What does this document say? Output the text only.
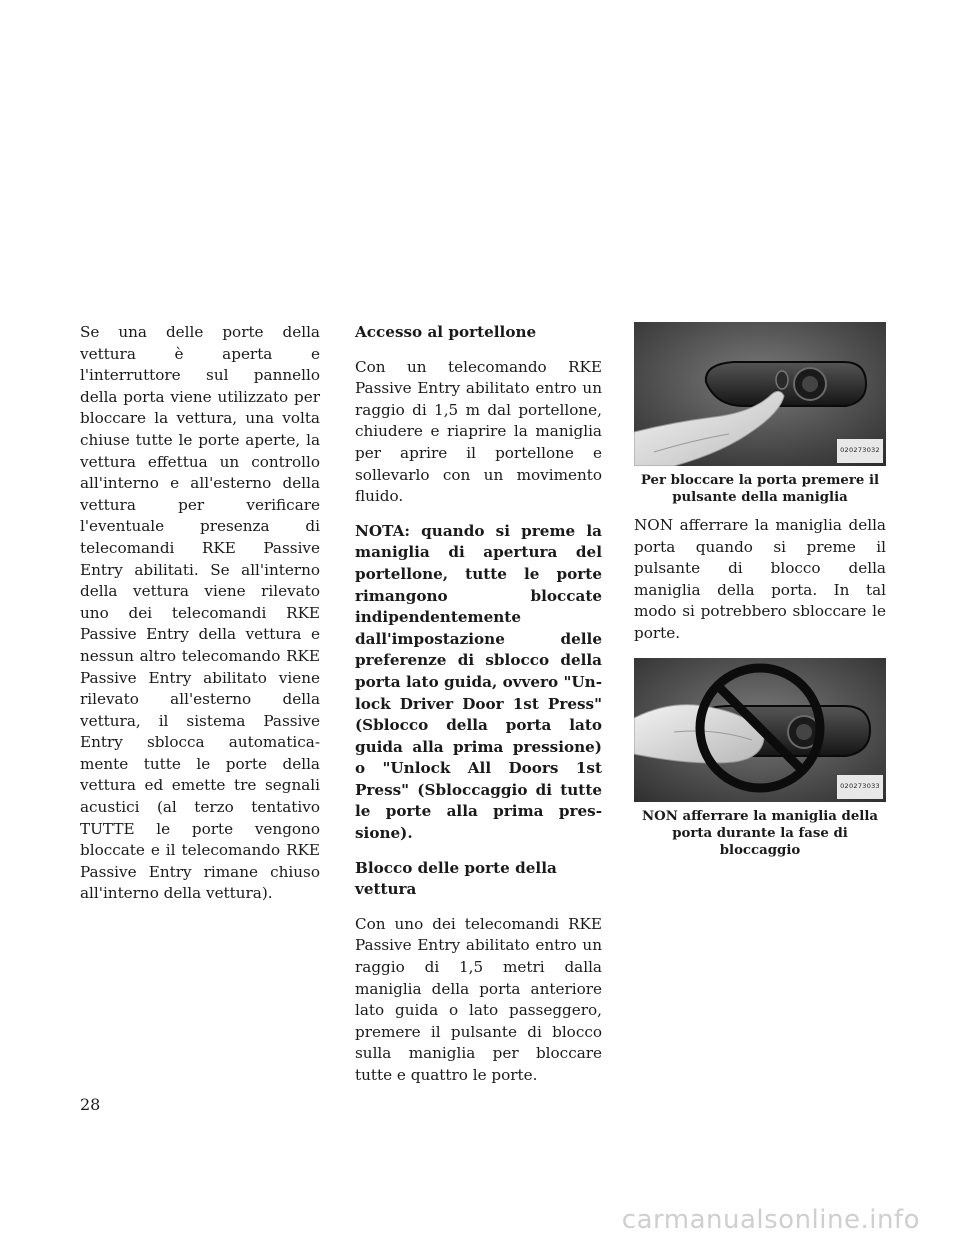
Se una delle porte della vettura è aperta e l'interruttore sul pannello della porta viene utilizzato per bloccare la vettura, una volta chiuse tutte le porte aperte, la vettura effettua un controllo all'interno e all'esterno della vettura per verificare l'eventuale presenza di telecomandi RKE Passive Entry abilitati. Se all'interno della vettura viene rilevato uno dei telecomandi RKE Passive Entry della vettura e nessun altro telecomando RKE Passive Entry abilitato viene rilevato all'esterno della vettura, il sistema Passive Entry sblocca automaticamente tutte le porte della vettura ed emette tre segnali acustici (al terzo tentativo TUTTE le porte vengono bloccate e il telecomando RKE Passive Entry rimane chiuso all'interno della vettura).

Accesso al portellone

Con un telecomando RKE Passive Entry abilitato entro un raggio di 1,5 m dal portellone, chiudere e riaprire la maniglia per aprire il portellone e sollevarlo con un movimento fluido.

NOTA: quando si preme la maniglia di apertura del portellone, tutte le porte rimangono bloccate indipendentemente dall'impostazione delle preferenze di sblocco della porta lato guida, ovvero "Unlock Driver Door 1st Press" (Sblocco della porta lato guida alla prima pressione) o "Unlock All Doors 1st Press" (Sbloccaggio di tutte le porte alla prima pressione).

Blocco delle porte della vettura

Con uno dei telecomandi RKE Passive Entry abilitato entro un raggio di 1,5 metri dalla maniglia della porta anteriore lato guida o lato passeggero, premere il pulsante di blocco sulla maniglia per bloccare tutte e quattro le porte.

020273032
Per bloccare la porta premere il pulsante della maniglia

NON afferrare la maniglia della porta quando si preme il pulsante di blocco della maniglia della porta. In tal modo si potrebbero sbloccare le porte.

020273033
NON afferrare la maniglia della porta durante la fase di bloccaggio
28
carmanualsonline.info
